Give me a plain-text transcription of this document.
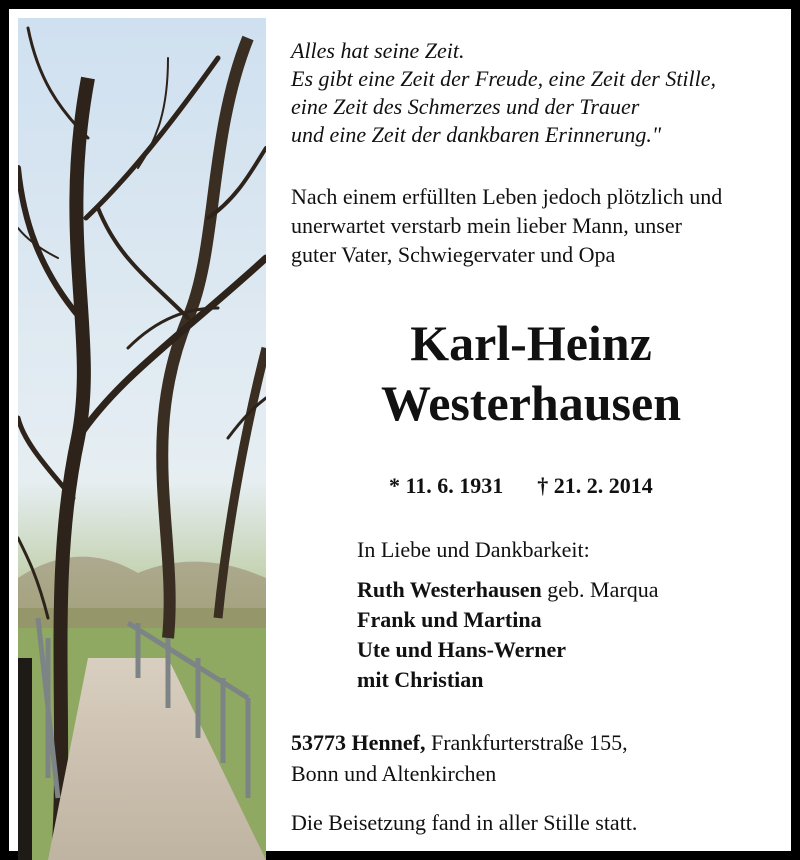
Alles hat seine Zeit.
Es gibt eine Zeit der Freude, eine Zeit der Stille,
eine Zeit des Schmerzes und der Trauer
und eine Zeit der dankbaren Erinnerung."
Nach einem erfüllten Leben jedoch plötzlich und
unerwartet verstarb mein lieber Mann, unser
guter Vater, Schwiegervater und Opa
Karl-Heinz
Westerhausen
* 11. 6. 1931 † 21. 2. 2014
In Liebe und Dankbarkeit:
Ruth Westerhausen geb. Marqua
Frank und Martina
Ute und Hans-Werner
mit Christian
53773 Hennef, Frankfurterstraße 155,
Bonn und Altenkirchen
Die Beisetzung fand in aller Stille statt.
